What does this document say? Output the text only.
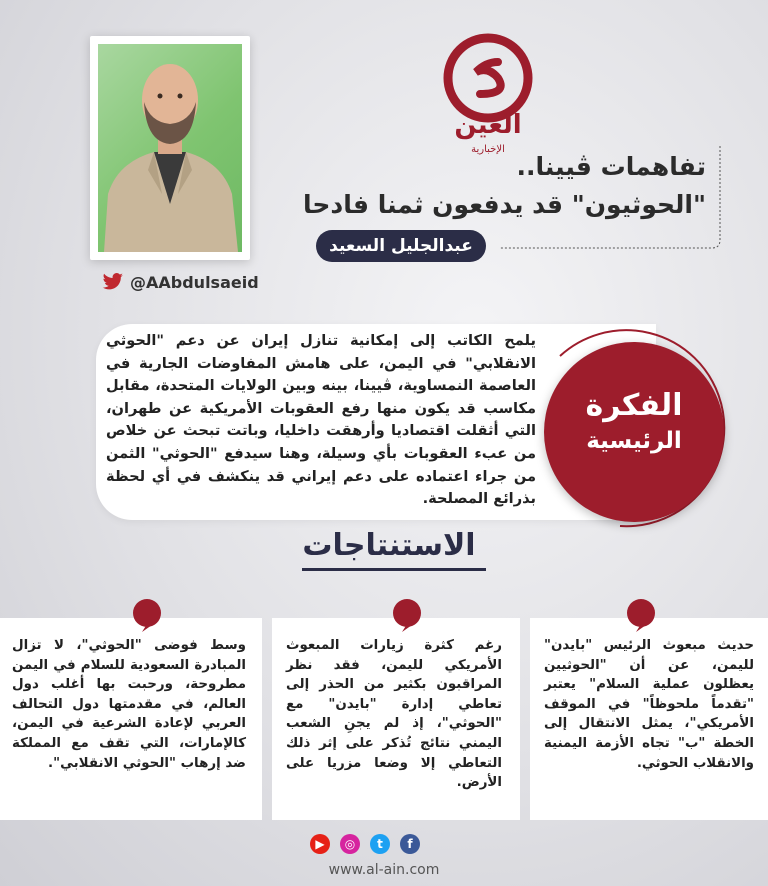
@AAbdulsaeid
العين
الإخبارية
تفاهمات ڤيينا..
"الحوثيون" قد يدفعون ثمنا فادحا
عبدالجليل السعيد
يلمح الكاتب إلى إمكانية تنازل إيران عن دعم "الحوثي الانقلابي" في اليمن، على هامش المفاوضات الجارية في العاصمة النمساوية، ڤيينا، بينه وبين الولايات المتحدة، مقابل مكاسب قد يكون منها رفع العقوبات الأمريكية عن طهران، التي أثقلت اقتصاديا وأرهقت داخليا، وباتت تبحث عن خلاص من عبء العقوبات بأي وسيلة، وهنا سيدفع "الحوثي" الثمن من جراء اعتماده على دعم إيراني قد ينكشف في أي لحظة بذرائع المصلحة.
الفكرة
الرئيسية
الاستنتاجات
حديث مبعوث الرئيس "بايدن" لليمن، عن أن "الحوثيين يعظلون عملية السلام" يعتبر "تقدماً ملحوظاً" في الموقف الأمريكي"، يمثل الانتقال إلى الخطة "ب" تجاه الأزمة اليمنية والانقلاب الحوثي.
رغم كثرة زيارات المبعوث الأمريكي لليمن، فقد نظر المراقبون بكثير من الحذر إلى تعاطي إدارة "بايدن" مع "الحوثي"، إذ لم يجنِ الشعب اليمني نتائج تُذكر على إثر ذلك التعاطي إلا وضعا مزريا على الأرض.
وسط فوضى "الحوثي"، لا تزال المبادرة السعودية للسلام في اليمن مطروحة، ورحبت بها أغلب دول العالم، في مقدمتها دول التحالف العربي لإعادة الشرعية في اليمن، كالإمارات، التي تقف مع المملكة ضد إرهاب "الحوثي الانقلابي".
▶	◎	t	f
www.al-ain.com
